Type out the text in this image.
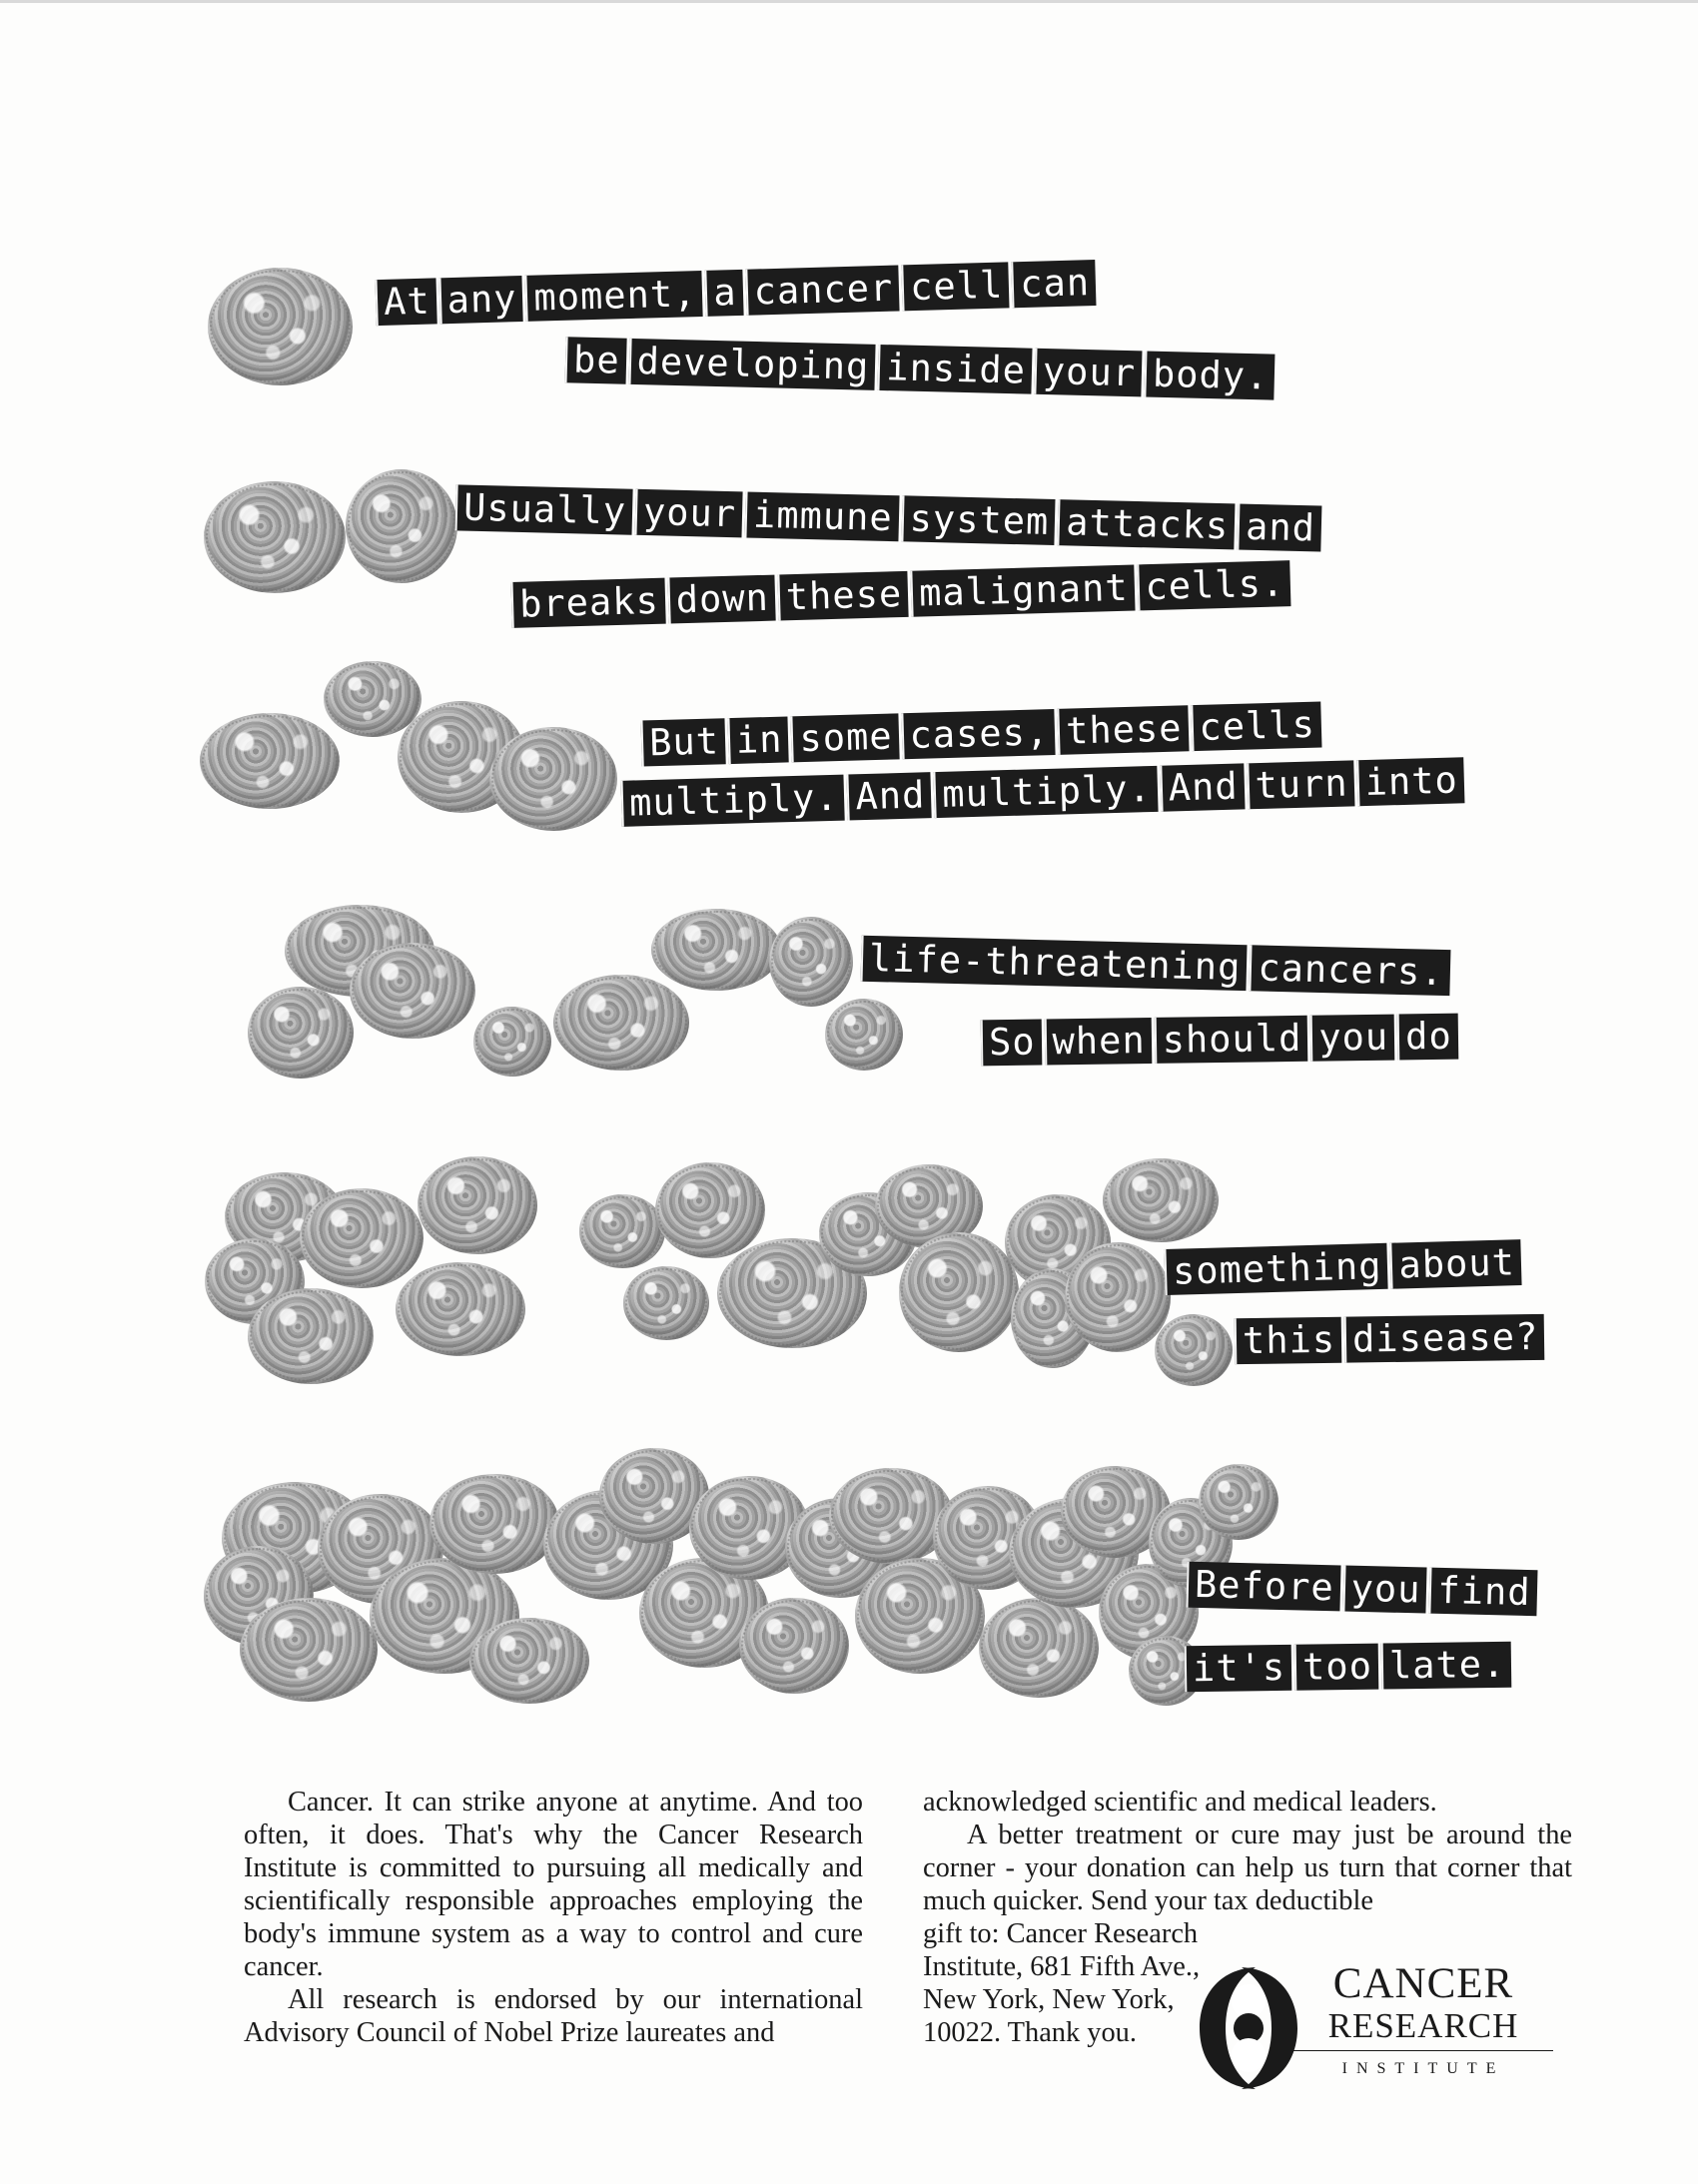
At any moment, a cancer cell can
be developing inside your body.
Usually your immune system attacks and
breaks down these malignant cells.
But in some cases, these cells
multiply. And multiply. And turn into
life-threatening cancers.
So when should you do
something about
this disease?
Before you find
it's too late.

Cancer. It can strike anyone at anytime. And too often, it does. That's why the Cancer Research Institute is committed to pursuing all medically and scientifically responsible approaches employing the body's immune system as a way to control and cure cancer.

All research is endorsed by our international Advisory Council of Nobel Prize laureates and

acknowledged scientific and medical leaders.

A better treatment or cure may just be around the corner - your donation can help us turn that corner that much quicker. Send your tax deductible

gift to: Cancer Research Institute, 681 Fifth Ave., New York, New York, 10022. Thank you.

CANCER
RESEARCH
INSTITUTE
